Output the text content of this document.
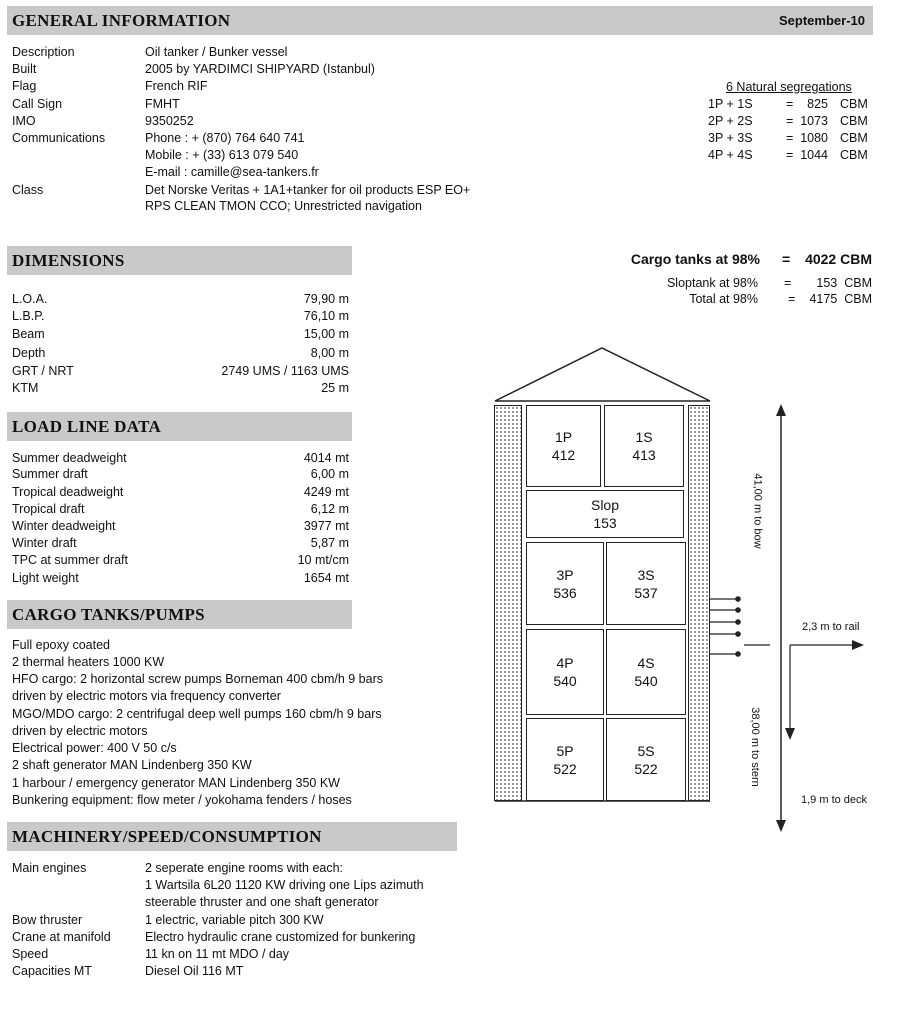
GENERAL INFORMATION	September-10
Description	Oil tanker / Bunker vessel
Built	2005 by YARDIMCI SHIPYARD (Istanbul)
Flag	French RIF
Call Sign	FMHT
IMO	9350252
Communications	Phone : + (870) 764 640 741
Mobile : + (33) 613 079 540
E-mail : camille@sea-tankers.fr
Class	Det Norske Veritas + 1A1+tanker for oil products ESP EO+
RPS CLEAN TMON CCO; Unrestricted navigation
6 Natural segregations
1P + 1S	=	825 CBM
2P + 2S	= 1073 CBM
3P + 3S	= 1080 CBM
4P + 4S	= 1044 CBM
Cargo tanks at 98% =	4022 CBM
Sloptank at 98% =	153  CBM
Total at 98% =	4175  CBM
DIMENSIONS
L.O.A.	79,90 m
L.B.P.	76,10 m
Beam	15,00 m
Depth	8,00 m
GRT / NRT	2749 UMS / 1163 UMS
KTM	25 m
LOAD LINE DATA
Summer deadweight	4014 mt
Summer draft	6,00 m
Tropical deadweight	4249 mt
Tropical draft	6,12 m
Winter deadweight	3977 mt
Winter draft	5,87 m
TPC at summer draft	10 mt/cm
Light weight	1654 mt
CARGO TANKS/PUMPS
Full epoxy coated
2 thermal heaters 1000 KW
HFO cargo: 2 horizontal screw pumps Borneman 400 cbm/h 9 bars
driven by electric motors via frequency converter
MGO/MDO cargo: 2 centrifugal deep well pumps 160 cbm/h 9 bars
driven by electric motors
Electrical power: 400 V 50 c/s
2 shaft generator MAN Lindenberg 350 KW
1 harbour / emergency generator MAN Lindenberg 350 KW
Bunkering equipment: flow meter / yokohama fenders / hoses
MACHINERY/SPEED/CONSUMPTION
Main engines	2 seperate engine rooms with each:
1 Wartsila 6L20 1120 KW driving one Lips azimuth
steerable thruster and one shaft generator
Bow thruster	1 electric, variable pitch 300 KW
Crane at manifold	Electro hydraulic crane customized for bunkering
Speed	11 kn on 11 mt MDO / day
Capacities MT	Diesel Oil 116 MT
1P
412
1S
413
Slop
153
3P
536
3S
537
4P
540
4S
540
5P
522
5S
522
41,00 m to bow
38,00 m to stern
2,3 m to rail
1,9 m to deck
